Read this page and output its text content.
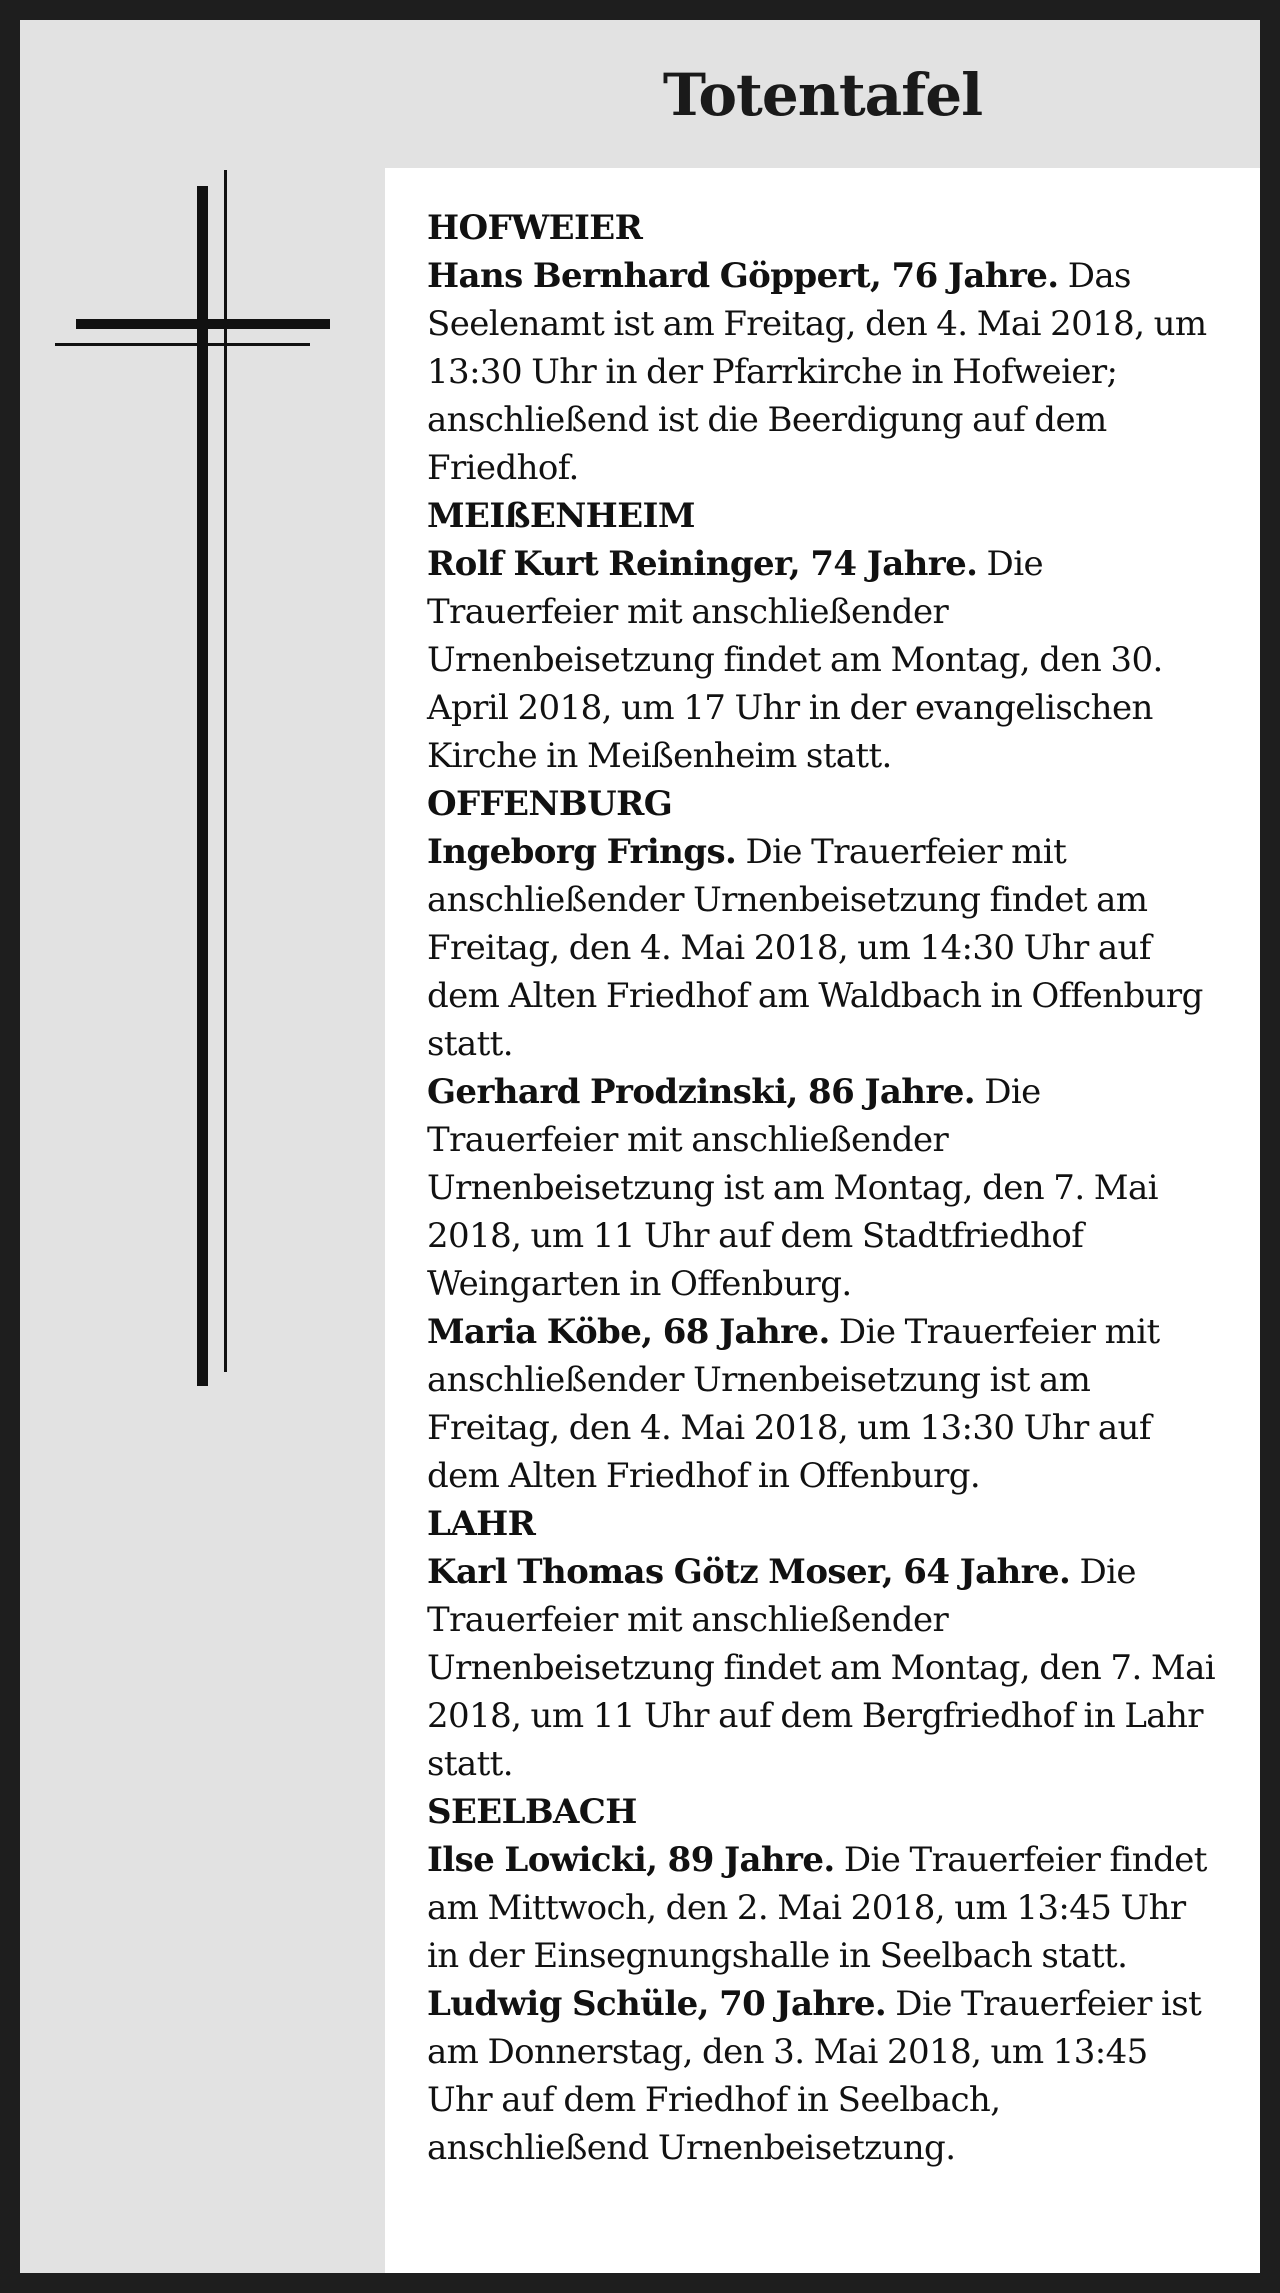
Totentafel
HOFWEIER
Hans Bernhard Göppert, 76 Jahre. Das Seelenamt ist am Freitag, den 4. Mai 2018, um 13:30 Uhr in der Pfarrkirche in Hofweier; anschließend ist die Beerdigung auf dem Friedhof.
MEIßENHEIM
Rolf Kurt Reininger, 74 Jahre. Die Trauerfeier mit anschließender Urnenbeisetzung findet am Montag, den 30. April 2018, um 17 Uhr in der evangelischen Kirche in Meißenheim statt.
OFFENBURG
Ingeborg Frings. Die Trauerfeier mit anschließender Urnenbeisetzung findet am Freitag, den 4. Mai 2018, um 14:30 Uhr auf dem Alten Friedhof am Waldbach in Offenburg statt.
Gerhard Prodzinski, 86 Jahre. Die Trauerfeier mit anschließender Urnenbeisetzung ist am Montag, den 7. Mai 2018, um 11 Uhr auf dem Stadtfriedhof Weingarten in Offenburg.
Maria Köbe, 68 Jahre. Die Trauerfeier mit anschließender Urnenbeisetzung ist am Freitag, den 4. Mai 2018, um 13:30 Uhr auf dem Alten Friedhof in Offenburg.
LAHR
Karl Thomas Götz Moser, 64 Jahre. Die Trauerfeier mit anschließender Urnenbeisetzung findet am Montag, den 7. Mai 2018, um 11 Uhr auf dem Bergfriedhof in Lahr statt.
SEELBACH
Ilse Lowicki, 89 Jahre. Die Trauerfeier findet am Mittwoch, den 2. Mai 2018, um 13:45 Uhr in der Einsegnungshalle in Seelbach statt.
Ludwig Schüle, 70 Jahre. Die Trauerfeier ist am Donnerstag, den 3. Mai 2018, um 13:45 Uhr auf dem Friedhof in Seelbach, anschließend Urnenbeisetzung.
